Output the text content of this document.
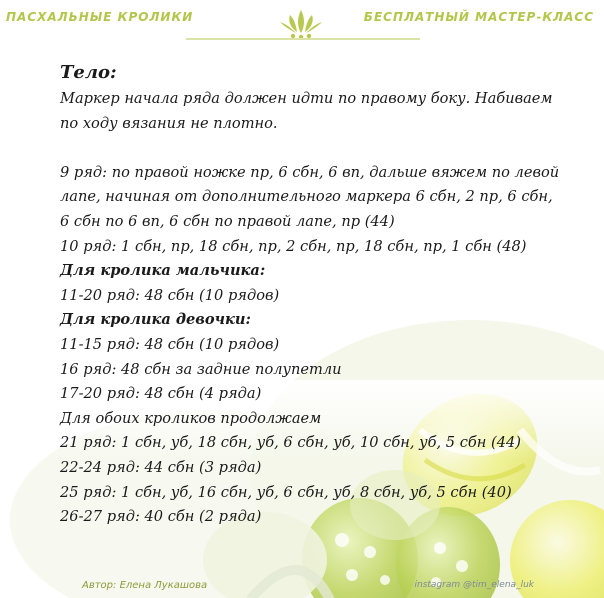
ПАСХАЛЬНЫЕ КРОЛИКИ	БЕСПЛАТНЫЙ МАСТЕР-КЛАСС

Тело:

Маркер начала ряда должен идти по правому боку. Набиваем

по ходу вязания не плотно.

9 ряд: по правой ножке пр, 6 сбн, 6 вп, дальше вяжем по левой

лапе, начиная от дополнительного маркера 6 сбн, 2 пр, 6 сбн,

6 сбн по 6 вп, 6 сбн по правой лапе, пр (44)

10 ряд: 1 сбн, пр, 18 сбн, пр, 2 сбн, пр, 18 сбн, пр, 1 сбн (48)

Для кролика мальчика:

11-20 ряд: 48 сбн (10 рядов)

Для кролика девочки:

11-15 ряд: 48 сбн (10 рядов)

16 ряд: 48 сбн за задние полупетли

17-20 ряд: 48 сбн (4 ряда)

Для обоих кроликов продолжаем

21 ряд: 1 сбн, уб, 18 сбн, уб, 6 сбн, уб, 10 сбн, уб, 5 сбн (44)

22-24 ряд: 44 сбн (3 ряда)

25 ряд: 1 сбн, уб, 16 сбн, уб, 6 сбн, уб, 8 сбн, уб, 5 сбн (40)

26-27 ряд: 40 сбн (2 ряда)

Автор: Елена Лукашова	instagram @tim_elena_luk
